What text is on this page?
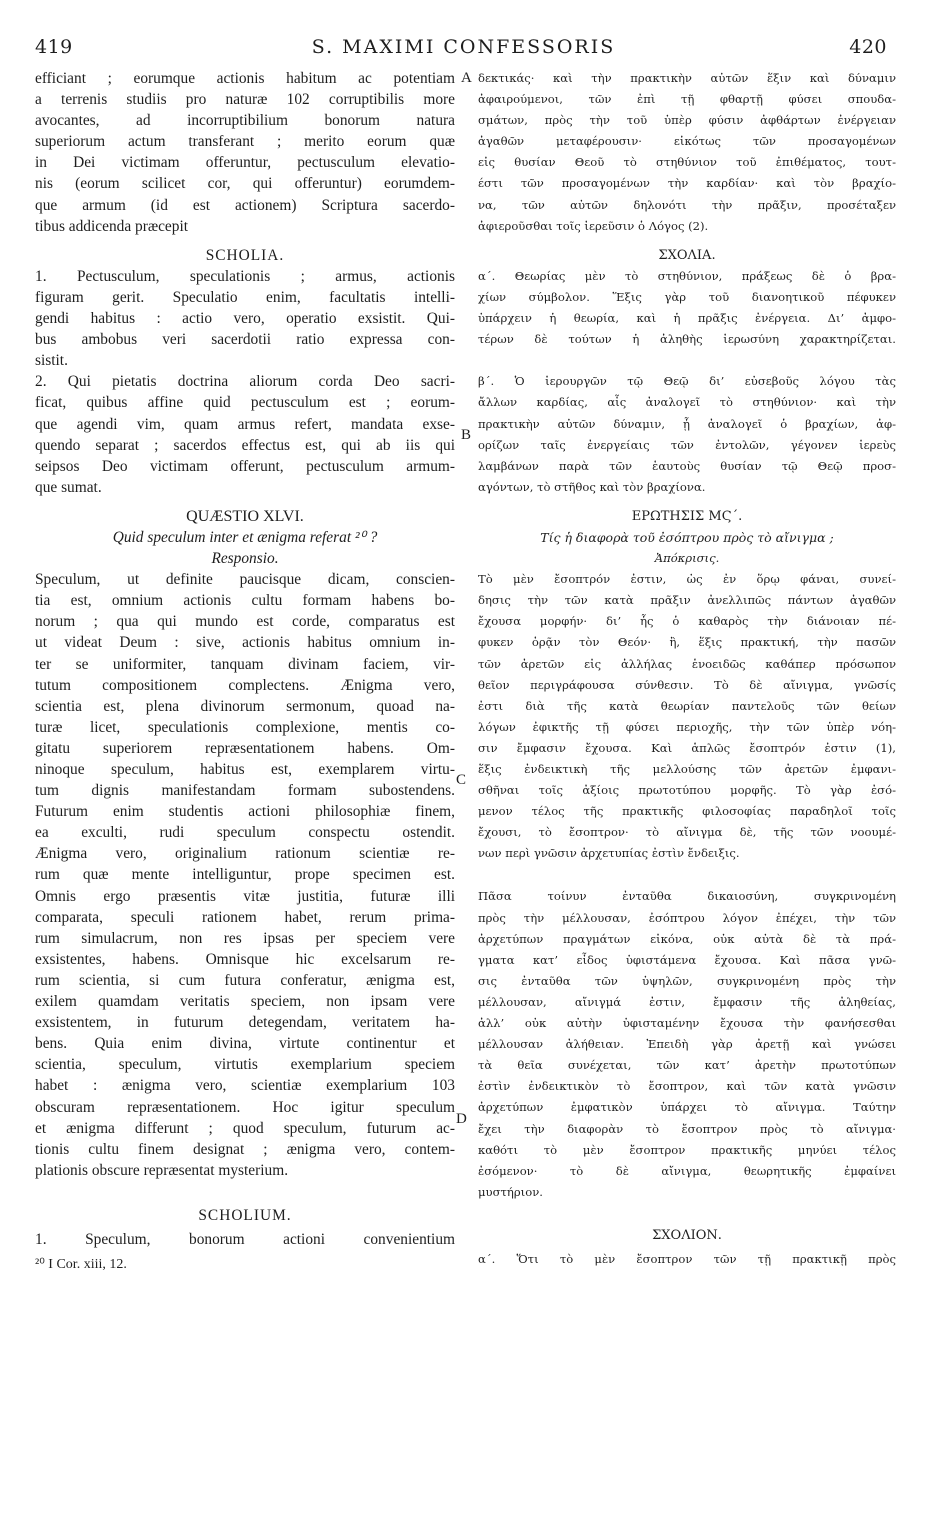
419	S. MAXIMI CONFESSORIS	420
A
B
C
D
efficiant ; eorumque actionis habitum ac potentiam
a terrenis studiis pro naturæ 102 corruptibilis more
avocantes, ad incorruptibilium bonorum natura
superiorum actum transferant ; merito eorum quæ
in Dei victimam offeruntur, pectusculum elevatio-
nis (eorum scilicet cor, qui offeruntur) eorumdem-
que armum (id est actionem) Scriptura sacerdo-
tibus addicenda præcepit
SCHOLIA.
1. Pectusculum, speculationis ; armus, actionis
figuram gerit. Speculatio enim, facultatis intelli-
gendi habitus : actio vero, operatio exsistit. Qui-
bus ambobus veri sacerdotii ratio expressa con-
sistit.
2. Qui pietatis doctrina aliorum corda Deo sacri-
ficat, quibus affine quid pectusculum est ; eorum-
que agendi vim, quam armus refert, mandata exse-
quendo separat ; sacerdos effectus est, qui ab iis qui
seipsos Deo victimam offerunt, pectusculum armum-
que sumat.
QUÆSTIO XLVI.
Quid speculum inter et ænigma referat ²⁰ ?
Responsio.
Speculum, ut definite paucisque dicam, conscien-
tia est, omnium actionis cultu formam habens bo-
norum ; qua qui mundo est corde, comparatus est
ut videat Deum : sive, actionis habitus omnium in-
ter se uniformiter, tanquam divinam faciem, vir-
tutum compositionem complectens. Ænigma vero,
scientia est, plena divinorum sermonum, quoad na-
turæ licet, speculationis complexione, mentis co-
gitatu superiorem repræsentationem habens. Om-
ninoque speculum, habitus est, exemplarem virtu-
tum dignis manifestandam formam subostendens.
Futurum enim studentis actioni philosophiæ finem,
ea exculti, rudi speculum conspectu ostendit.
Ænigma vero, originalium rationum scientiæ re-
rum quæ mente intelliguntur, prope specimen est.
Omnis ergo præsentis vitæ justitia, futuræ illi
comparata, speculi rationem habet, rerum prima-
rum simulacrum, non res ipsas per speciem vere
exsistentes, habens. Omnisque hic excelsarum re-
rum scientia, si cum futura conferatur, ænigma est,
exilem quamdam veritatis speciem, non ipsam vere
exsistentem, in futurum detegendam, veritatem ha-
bens. Quia enim divina, virtute continentur et
scientia, speculum, virtutis exemplarium speciem
habet : ænigma vero, scientiæ exemplarium 103
obscuram repræsentationem. Hoc igitur speculum
et ænigma differunt ; quod speculum, futurum ac-
tionis cultu finem designat ; ænigma vero, contem-
plationis obscure repræsentat mysterium.
SCHOLIUM.
1. Speculum, bonorum actioni convenientium
²⁰ I Cor. xiii, 12.
δεκτικάς· καὶ τὴν πρακτικὴν αὐτῶν ἕξιν καὶ δύναμιν
ἀφαιρούμενοι, τῶν ἐπὶ τῇ φθαρτῇ φύσει σπουδα-
σμάτων, πρὸς τὴν τοῦ ὑπὲρ φύσιν ἀφθάρτων ἐνέργειαν
ἀγαθῶν μεταφέρουσιν· εἰκότως τῶν προσαγομένων
εἰς θυσίαν Θεοῦ τὸ στηθύνιον τοῦ ἐπιθέματος, τουτ-
έστι τῶν προσαγομένων τὴν καρδίαν· καὶ τὸν βραχίο-
να, τῶν αὐτῶν δηλονότι τὴν πρᾶξιν, προσέταξεν
ἀφιεροῦσθαι τοῖς ἱερεῦσιν ὁ Λόγος (2).
ΣΧΟΛΙΑ.
α΄. Θεωρίας μὲν τὸ στηθύνιον, πράξεως δὲ ὁ βρα-
χίων σύμβολον. Ἕξις γὰρ τοῦ διανοητικοῦ πέφυκεν
ὑπάρχειν ἡ θεωρία, καὶ ἡ πρᾶξις ἐνέργεια. Δι’ ἀμφο-
τέρων δὲ τούτων ἡ ἀληθὴς ἱερωσύνη χαρακτηρίζεται.
β΄. Ὁ ἱερουργῶν τῷ Θεῷ δι’ εὐσεβοῦς λόγου τὰς
ἄλλων καρδίας, αἷς ἀναλογεῖ τὸ στηθύνιον· καὶ τὴν
πρακτικὴν αὐτῶν δύναμιν, ᾗ ἀναλογεῖ ὁ βραχίων, ἀφ-
ορίζων ταῖς ἐνεργείαις τῶν ἐντολῶν, γέγονεν ἱερεὺς
λαμβάνων παρὰ τῶν ἑαυτοὺς θυσίαν τῷ Θεῷ προσ-
αγόντων, τὸ στῆθος καὶ τὸν βραχίονα.
ΕΡΩΤΗΣΙΣ ΜϚ΄.
Τίς ἡ διαφορὰ τοῦ ἐσόπτρου πρὸς τὸ αἴνιγμα ;
Ἀπόκρισις.
Τὸ μὲν ἔσοπτρόν ἐστιν, ὡς ἐν ὅρῳ φάναι, συνεί-
δησις τὴν τῶν κατὰ πρᾶξιν ἀνελλιπῶς πάντων ἀγαθῶν
ἔχουσα μορφήν· δι’ ἧς ὁ καθαρὸς τὴν διάνοιαν πέ-
φυκεν ὁρᾷν τὸν Θεόν· ἢ, ἕξις πρακτική, τὴν πασῶν
τῶν ἀρετῶν εἰς ἀλλήλας ἑνοειδῶς καθάπερ πρόσωπον
θεῖον περιγράφουσα σύνθεσιν. Τὸ δὲ αἴνιγμα, γνῶσίς
ἐστι διὰ τῆς κατὰ θεωρίαν παντελοῦς τῶν θείων
λόγων ἐφικτῆς τῇ φύσει περιοχῆς, τὴν τῶν ὑπὲρ νόη-
σιν ἔμφασιν ἔχουσα. Καὶ ἁπλῶς ἔσοπτρόν ἐστιν (1),
ἕξις ἐνδεικτικὴ τῆς μελλούσης τῶν ἀρετῶν ἐμφανι-
σθῆναι τοῖς ἀξίοις πρωτοτύπου μορφῆς. Τὸ γὰρ ἐσό-
μενον τέλος τῆς πρακτικῆς φιλοσοφίας παραδηλοῖ τοῖς
ἔχουσι, τὸ ἔσοπτρον· τὸ αἴνιγμα δὲ, τῆς τῶν νοουμέ-
νων περὶ γνῶσιν ἀρχετυπίας ἐστὶν ἔνδειξις.
Πᾶσα τοίνυν ἐνταῦθα δικαιοσύνη, συγκρινομένη
πρὸς τὴν μέλλουσαν, ἐσόπτρου λόγον ἐπέχει, τὴν τῶν
ἀρχετύπων πραγμάτων εἰκόνα, οὐκ αὐτὰ δὲ τὰ πρά-
γματα κατ’ εἶδος ὑφιστάμενα ἔχουσα. Καὶ πᾶσα γνῶ-
σις ἐνταῦθα τῶν ὑψηλῶν, συγκρινομένη πρὸς τὴν
μέλλουσαν, αἴνιγμά ἐστιν, ἔμφασιν τῆς ἀληθείας,
ἀλλ’ οὐκ αὐτὴν ὑφισταμένην ἔχουσα τὴν φανήσεσθαι
μέλλουσαν ἀλήθειαν. Ἐπειδὴ γὰρ ἀρετῇ καὶ γνώσει
τὰ θεῖα συνέχεται, τῶν κατ’ ἀρετὴν πρωτοτύπων
ἐστὶν ἐνδεικτικὸν τὸ ἔσοπτρον, καὶ τῶν κατὰ γνῶσιν
ἀρχετύπων ἐμφατικὸν ὑπάρχει τὸ αἴνιγμα. Ταύτην
ἔχει τὴν διαφορὰν τὸ ἔσοπτρον πρὸς τὸ αἴνιγμα·
καθότι τὸ μὲν ἔσοπτρον πρακτικῆς μηνύει τέλος
ἐσόμενον· τὸ δὲ αἴνιγμα, θεωρητικῆς ἐμφαίνει
μυστήριον.
ΣΧΟΛΙΟΝ.
α΄. Ὅτι τὸ μὲν ἔσοπτρον τῶν τῇ πρακτικῇ πρὸς
